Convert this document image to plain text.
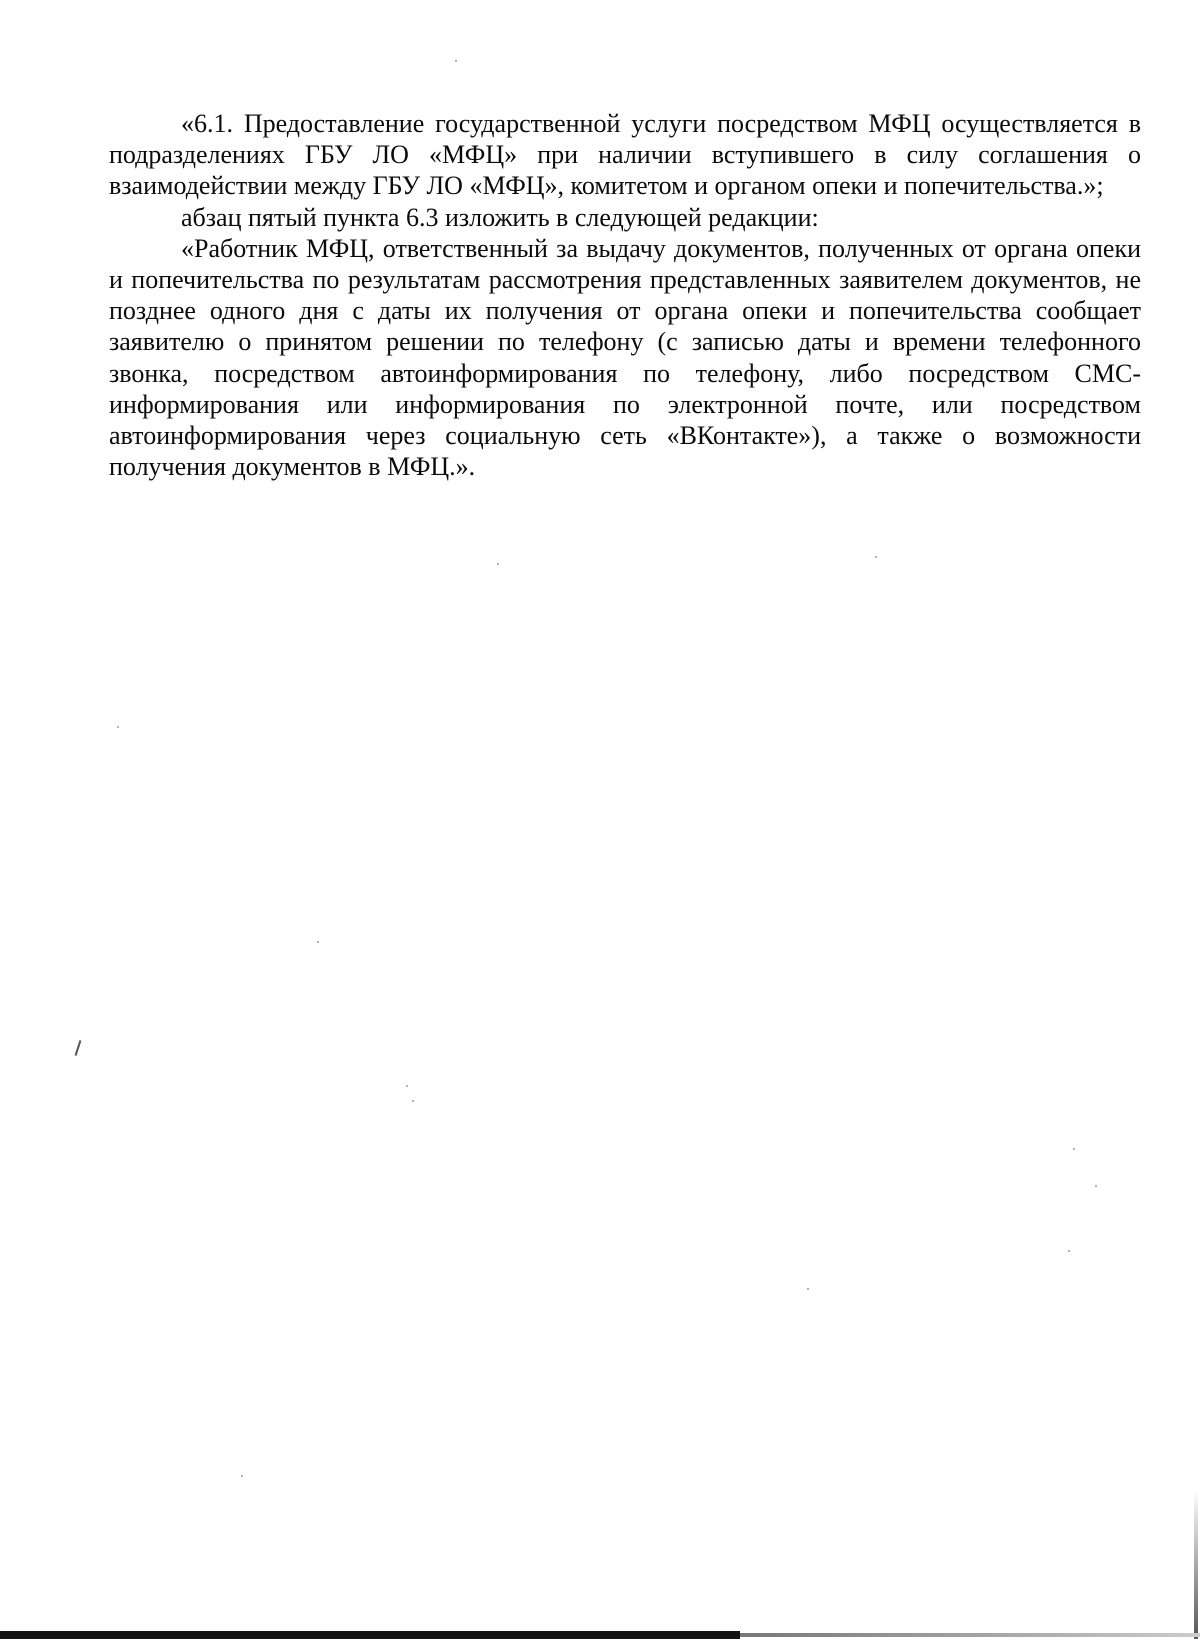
«6.1. Предоставление государственной услуги посредством МФЦ осуществляется в подразделениях ГБУ ЛО «МФЦ» при наличии вступившего в силу соглашения о взаимодействии между ГБУ ЛО «МФЦ», комитетом и органом опеки и попечительства.»;

абзац пятый пункта 6.3 изложить в следующей редакции:

«Работник МФЦ, ответственный за выдачу документов, полученных от органа опеки и попечительства по результатам рассмотрения представленных заявителем документов, не позднее одного дня с даты их получения от органа опеки и попечительства сообщает заявителю о принятом решении по телефону (с записью даты и времени телефонного звонка, посредством автоинформирования по телефону, либо посредством СМС-информирования или информирования по электронной почте, или посредством автоинформирования через социальную сеть «ВКонтакте»), а также о возможности получения документов в МФЦ.».
